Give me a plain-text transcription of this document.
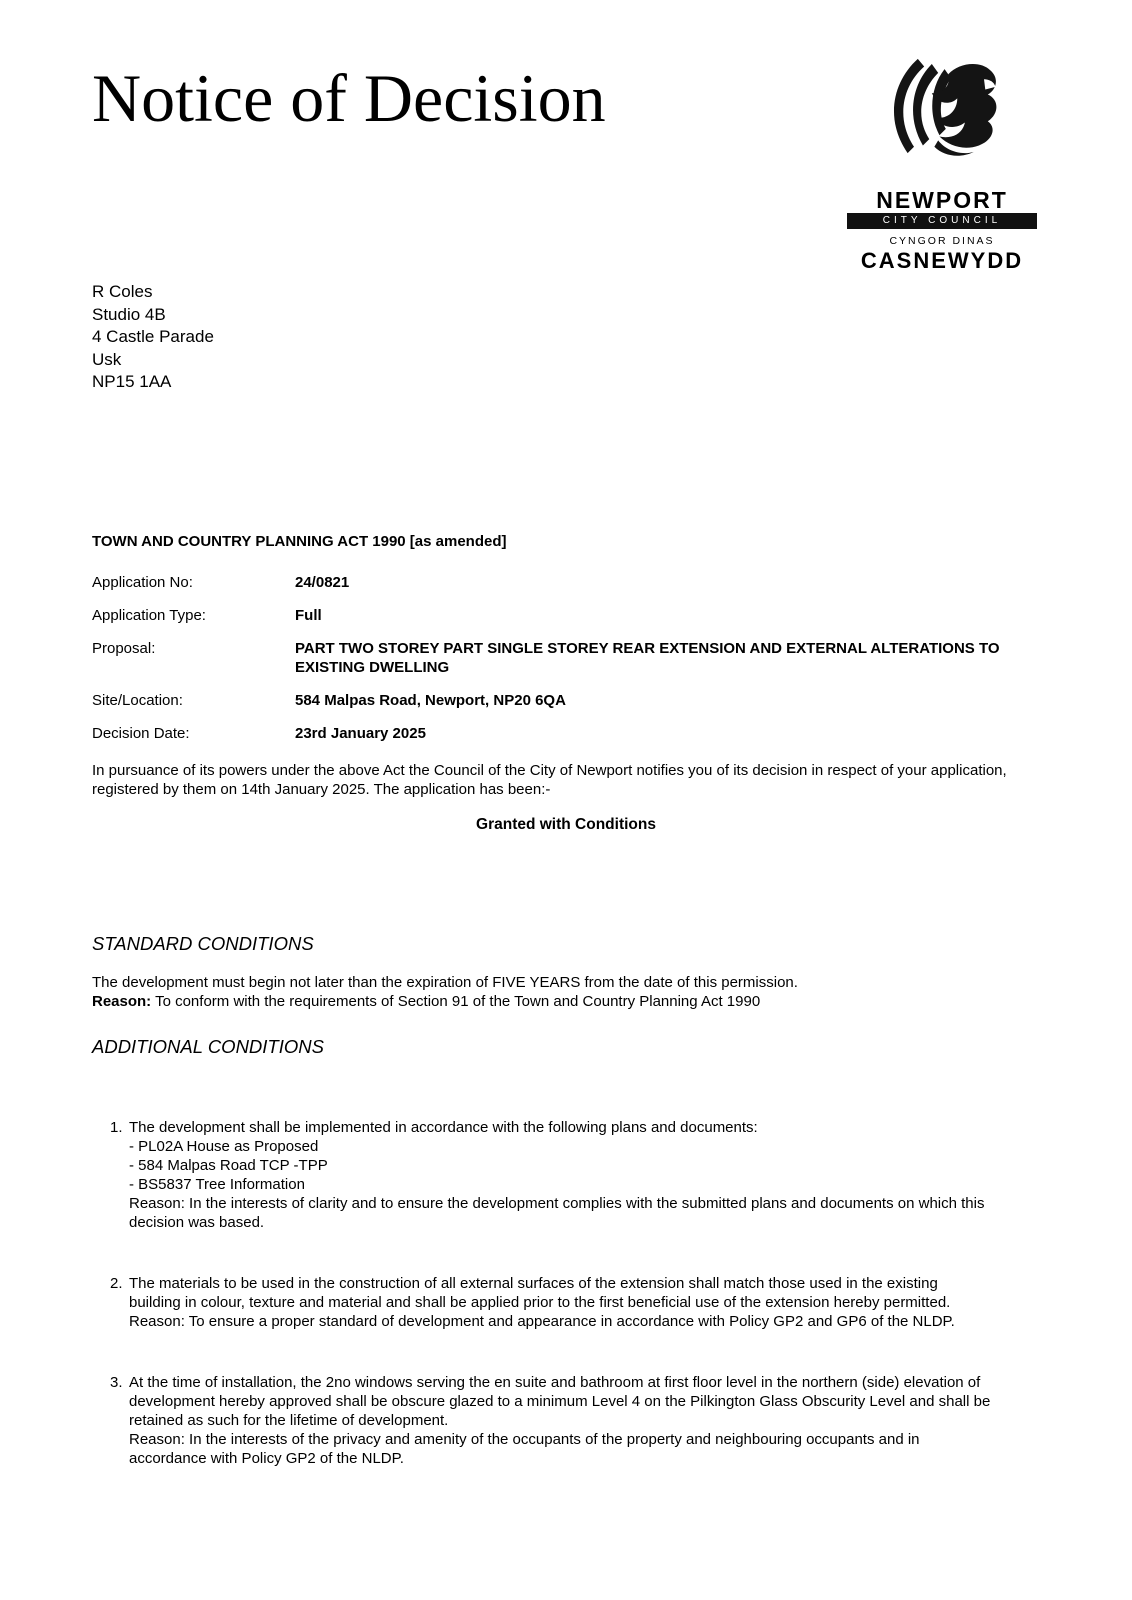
Notice of Decision
NEWPORT
CITY COUNCIL
CYNGOR DINAS
CASNEWYDD
R Coles
Studio 4B
4 Castle Parade
Usk
NP15 1AA
TOWN AND COUNTRY PLANNING ACT 1990 [as amended]
Application No:	24/0821
Application Type:	Full
Proposal:	PART TWO STOREY PART SINGLE STOREY REAR EXTENSION AND EXTERNAL ALTERATIONS TO EXISTING DWELLING
Site/Location:	584 Malpas Road, Newport, NP20 6QA
Decision Date:	23rd January 2025
In pursuance of its powers under the above Act the Council of the City of Newport notifies you of its decision in respect of your application, registered by them on 14th January 2025. The application has been:-
Granted with Conditions
STANDARD CONDITIONS
The development must begin not later than the expiration of FIVE YEARS from the date of this permission.
Reason: To conform with the requirements of Section 91 of the Town and Country Planning Act 1990
ADDITIONAL CONDITIONS
1. The development shall be implemented in accordance with the following plans and documents:
- PL02A House as Proposed
- 584 Malpas Road TCP -TPP
- BS5837 Tree Information
Reason: In the interests of clarity and to ensure the development complies with the submitted plans and documents on which this decision was based.
2. The materials to be used in the construction of all external surfaces of the extension shall match those used in the existing building in colour, texture and material and shall be applied prior to the first beneficial use of the extension hereby permitted.
Reason: To ensure a proper standard of development and appearance in accordance with Policy GP2 and GP6 of the NLDP.
3. At the time of installation, the 2no windows serving the en suite and bathroom at first floor level in the northern (side) elevation of development hereby approved shall be obscure glazed to a minimum Level 4 on the Pilkington Glass Obscurity Level and shall be retained as such for the lifetime of development.
Reason: In the interests of the privacy and amenity of the occupants of the property and neighbouring occupants and in accordance with Policy GP2 of the NLDP.
